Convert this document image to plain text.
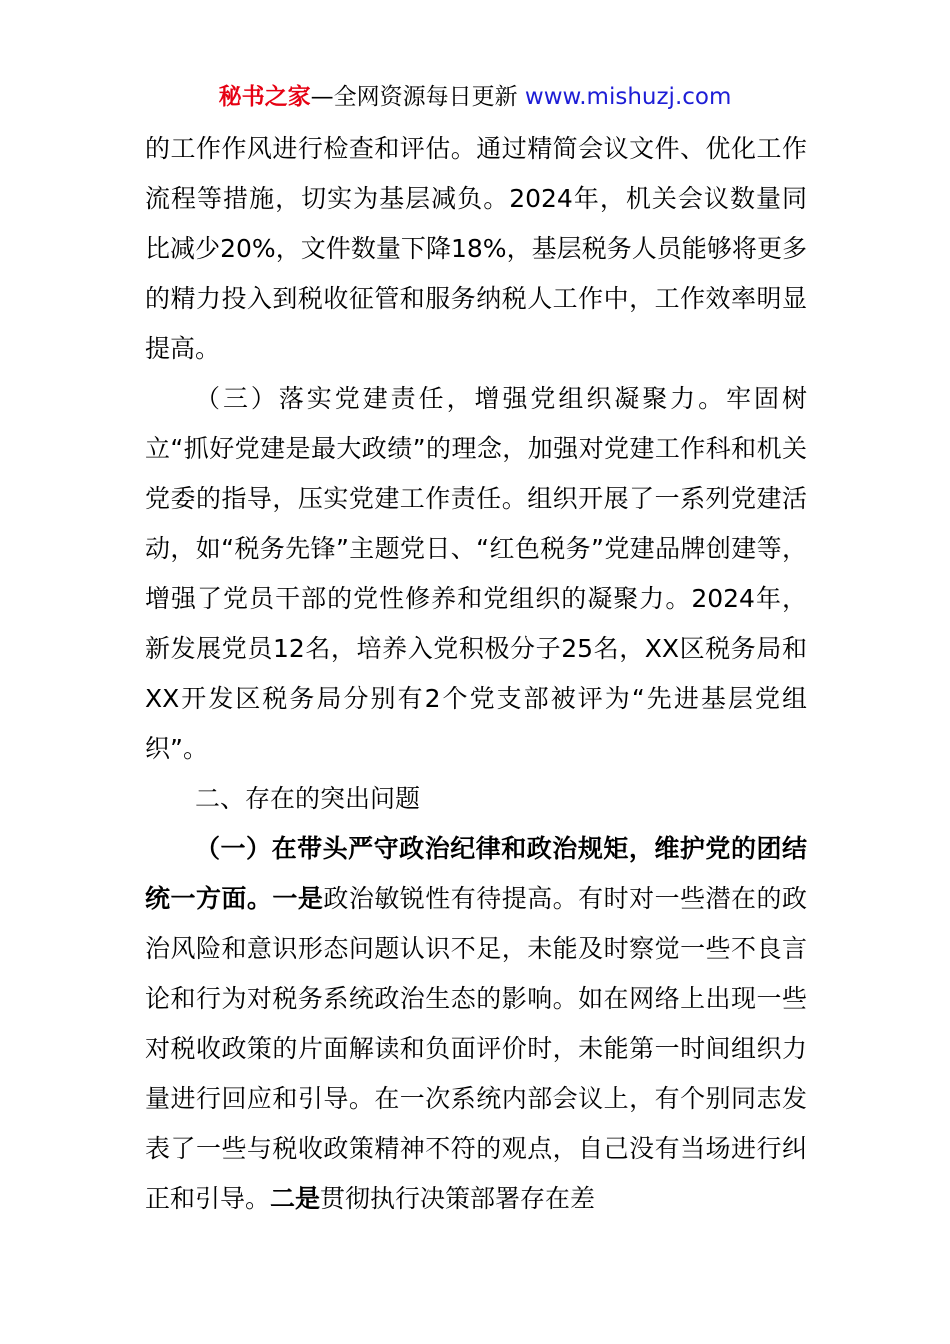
秘书之家—全网资源每日更新 www.mishuzj.com

的工作作风进行检查和评估。通过精简会议文件、优化工作流程等措施，切实为基层减负。2024年，机关会议数量同比减少20%，文件数量下降18%，基层税务人员能够将更多的精力投入到税收征管和服务纳税人工作中，工作效率明显提高。

（三）落实党建责任，增强党组织凝聚力。牢固树立“抓好党建是最大政绩”的理念，加强对党建工作科和机关党委的指导，压实党建工作责任。组织开展了一系列党建活动，如“税务先锋”主题党日、“红色税务”党建品牌创建等，增强了党员干部的党性修养和党组织的凝聚力。2024年，新发展党员12名，培养入党积极分子25名，XX区税务局和XX开发区税务局分别有2个党支部被评为“先进基层党组织”。

二、存在的突出问题

（一）在带头严守政治纪律和政治规矩，维护党的团结统一方面。一是政治敏锐性有待提高。有时对一些潜在的政治风险和意识形态问题认识不足，未能及时察觉一些不良言论和行为对税务系统政治生态的影响。如在网络上出现一些对税收政策的片面解读和负面评价时，未能第一时间组织力量进行回应和引导。在一次系统内部会议上，有个别同志发表了一些与税收政策精神不符的观点，自己没有当场进行纠正和引导。二是贯彻执行决策部署存在差
